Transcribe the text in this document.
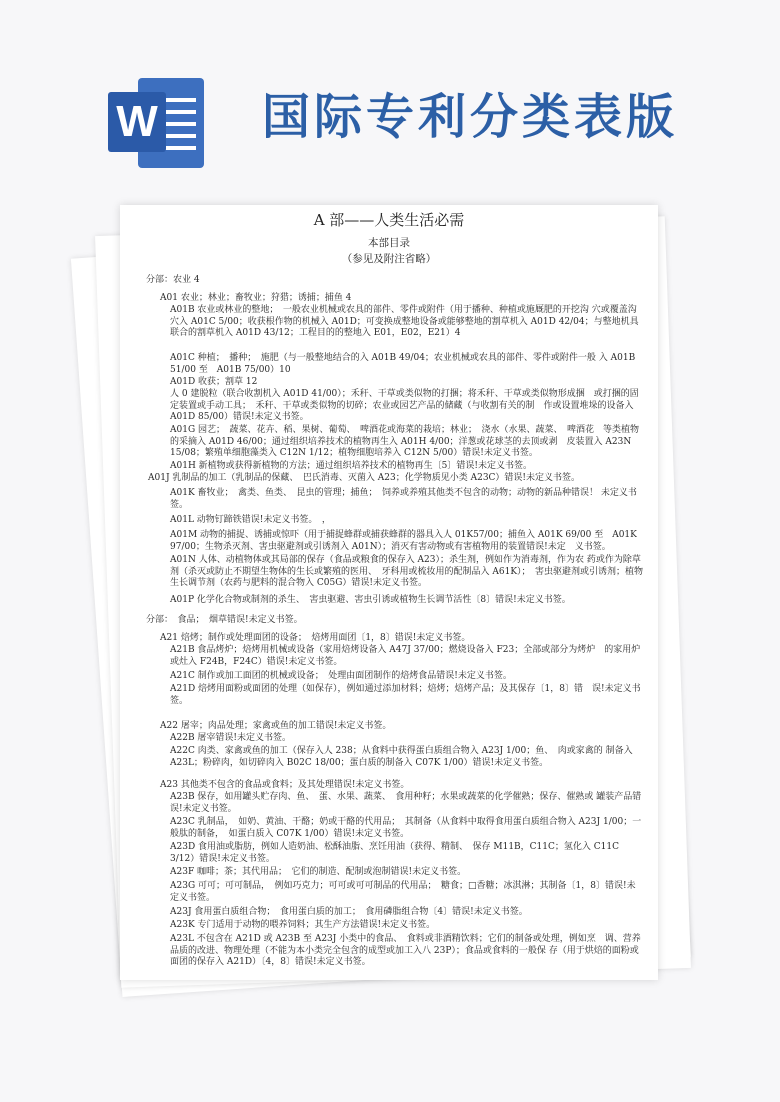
W 国际专利分类表版
A 部——人类生活必需
本部目录
（参见及附注省略）
分部：农业 4
A01 农业；林业；畜牧业；狩猎；诱捕；捕鱼 4
A01B 农业或林业的整地；　一般农业机械或农具的部件、零件或附件（用于播种、种植或施厩肥的开挖沟 穴或覆盖沟穴入 A01C 5/00；收获根作物的机械入 A01D；可变换成整地设备或能够整地的割草机入 A01D 42/04；与整地机具联合的割草机入 A01D 43/12；工程目的的整地入 E01，E02，E21）4
A01C 种植；　播种；　施肥（与一般整地结合的入 A01B 49/04；农业机械或农具的部件、零件或附件一般 入 A01B 51/00 至　A01B 75/00）10
A01D 收获；割草 12
人 0 建脱粒（联合收割机入 A01D 41/00）；禾秆、干草或类似物的打捆；将禾秆、干草或类似物形成捆　或打捆的固定装置或手动工具；　禾秆、干草或类似物的切碎；农业或园艺产品的储藏（与收割有关的制　作或设置堆垛的设备入 A01D 85/00）错误!未定义书签。
A01G 园艺；　蔬菜、花卉、稻、果树、葡萄、　啤酒花或海菜的栽培；林业；　浇水（水果、蔬菜、　啤酒花　等类植物的采摘入 A01D 46/00；通过组织培养技术的植物再生入 A01H 4/00；洋葱或花球茎的去顶或剥　皮装置入 A23N 15/08；繁殖单细胞藻类入 C12N 1/12；植物细胞培养入 C12N 5/00）错误!未定义书签。
A01H 新植物或获得新植物的方法；通过组织培养技术的植物再生〔5〕错误!未定义书签。
A01J 乳制品的加工（乳制品的保藏、　巴氏消毒、灭菌入 A23；化学物质见小类 A23C）错误!未定义书签。
A01K 畜牧业；　禽类、鱼类、　昆虫的管理；捕鱼；　饲养或养殖其他类不包含的动物；动物的新品种错误！ 未定义书签。
A01L 动物钉蹄铁错误!未定义书签。　，
A01M 动物的捕捉、诱捕或惊吓（用于捕捉蜂群或捕获蜂群的器具入人 01K57/00；捕鱼入 A01K 69/00 至　A01K 97/00；生物杀灭剂、害虫驱避剂或引诱剂入 A01N）；消灭有害动物或有害植物用的装置错误!未定　义书签。
A01N 人体、动植物体或其局部的保存（食品或粮食的保存入 A23）；杀生剂，例如作为消毒剂，作为农 药或作为除草剂（杀灭或防止不期望生物体的生长或繁殖的医用、　牙科用或梳妆用的配制品入 A61K）；　害虫驱避剂或引诱剂；植物生长调节剂（农药与肥料的混合物入 C05G）错误!未定义书签。
A01P 化学化合物或制剂的杀生、　害虫驱避、害虫引诱或植物生长调节活性〔8〕错误!未定义书签。
分部：　食品；　烟草错误!未定义书签。
A21 焙烤；制作或处理面团的设备；　焙烤用面团〔1，8〕错误!未定义书签。
A21B 食品烤炉；焙烤用机械或设备（家用焙烤设备入 A47J 37/00；燃烧设备入 F23；全部或部分为烤炉　的家用炉或灶入 F24B，F24C）错误!未定义书签。
A21C 制作或加工面团的机械或设备；　处理由面团制作的焙烤食品错误!未定义书签。
A21D 焙烤用面粉或面团的处理（如保存），例如通过添加材料；焙烤；焙烤产品；及其保存〔1，8〕错　误!未定义书签。
A22 屠宰；肉品处理；家禽或鱼的加工错误!未定义书签。
A22B 屠宰错误!未定义书签。
A22C 肉类、家禽或鱼的加工（保存入人 238；从食料中获得蛋白质组合物入 A23J 1/00；鱼、　肉或家禽的 制备入 A23L；粉碎肉，如切碎肉入 B02C 18/00；蛋白质的制备入 C07K 1/00）错误!未定义书签。
A23 其他类不包含的食品或食料；及其处理错误!未定义书签。
A23B 保存，如用罐头贮存肉、鱼、　蛋、水果、蔬菜、　食用种籽；水果或蔬菜的化学催熟；保存、催熟或 罐装产品错误!未定义书签。
A23C 乳制品，　如奶、黄油、干酪；奶或干酪的代用品；　其制备（从食料中取得食用蛋白质组合物入 A23J 1/00；一般肽的制备，　如蛋白质入 C07K 1/00）错误!未定义书签。
A23D 食用油或脂肪，例如人造奶油、松酥油脂、烹饪用油（获得、精制、　保存 M11B，C11C；氢化入 C11C 3/12）错误!未定义书签。
A23F 咖啡；茶；其代用品；　它们的制造、配制或泡制错误!未定义书签。
A23G 可可；可可制品，　例如巧克力；可可或可可制品的代用品；　糖食；□香糖；冰淇淋；其制备〔1，8〕错误!未定义书签。
A23J 食用蛋白质组合物；　食用蛋白质的加工；　食用磷脂组合物〔4〕错误!未定义书签。
A23K 专门适用于动物的喂养饲料；其生产方法错误!未定义书签。
A23L 不包含在 A21D 或 A23B 至 A23J 小类中的食品、　食料或非酒精饮料；它们的制备或处理，例如烹　调、营养品质的改进、物理处理（不能为本小类完全包含的成型或加工入八 23P）；食品或食料的一般保 存（用于烘焙的面粉或面团的保存入 A21D）〔4，8〕错误!未定义书签。
